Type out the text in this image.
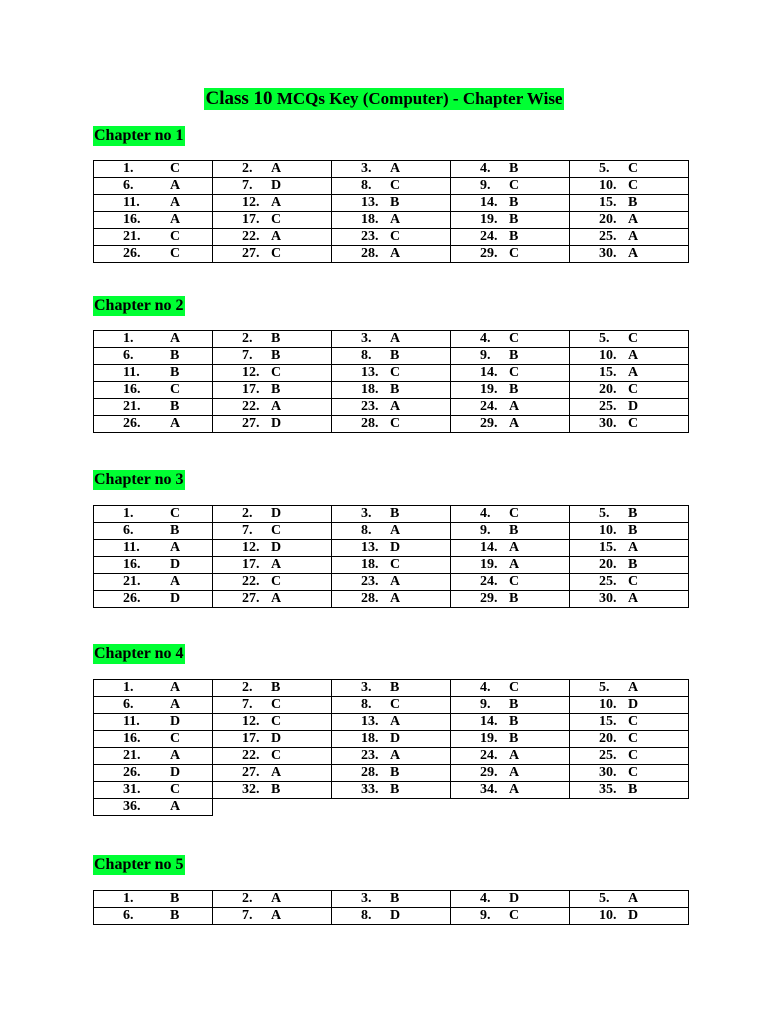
Class 10 MCQs Key (Computer) - Chapter Wise
Chapter no 1
1. C	2. A	3. A	4. B	5. C

6. A	7. D	8. C	9. C	10. C

11. A	12. A	13. B	14. B	15. B

16. A	17. C	18. A	19. B	20. A

21. C	22. A	23. C	24. B	25. A

26. C	27. C	28. A	29. C	30. A
Chapter no 2
1. A	2. B	3. A	4. C	5. C

6. B	7. B	8. B	9. B	10. A

11. B	12. C	13. C	14. C	15. A

16. C	17. B	18. B	19. B	20. C

21. B	22. A	23. A	24. A	25. D

26. A	27. D	28. C	29. A	30. C
Chapter no 3
1. C	2. D	3. B	4. C	5. B

6. B	7. C	8. A	9. B	10. B

11. A	12. D	13. D	14. A	15. A

16. D	17. A	18. C	19. A	20. B

21. A	22. C	23. A	24. C	25. C

26. D	27. A	28. A	29. B	30. A
Chapter no 4
1. A	2. B	3. B	4. C	5. A

6. A	7. C	8. C	9. B	10. D

11. D	12. C	13. A	14. B	15. C

16. C	17. D	18. D	19. B	20. C

21. A	22. C	23. A	24. A	25. C

26. D	27. A	28. B	29. A	30. C

31. C	32. B	33. B	34. A	35. B

36. A				
Chapter no 5
1. B	2. A	3. B	4. D	5. A

6. B	7. A	8. D	9. C	10. D
